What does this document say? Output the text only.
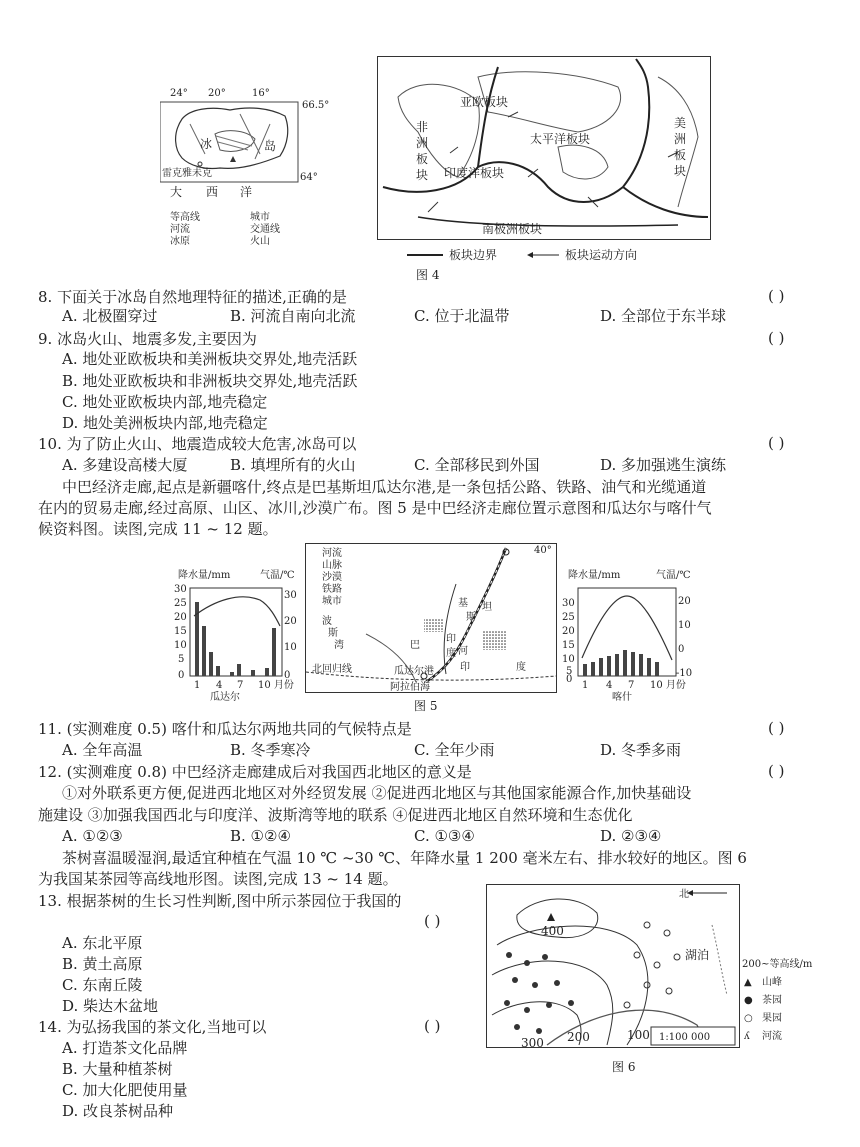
24° 20°	16°
66.5°
64°
冰	岛
雷克雅未克
大 西 洋
等高线	城市
河流	交通线
冰原	火山
亚欧板块
非
洲
板
块
太平洋板块
印度洋板块
美
洲
板
块
南极洲板块
板块边界	板块运动方向
图 4
8. 下面关于冰岛自然地理特征的描述,正确的是	( )
A. 北极圈穿过	B. 河流自南向北流	C. 位于北温带	D. 全部位于东半球
9. 冰岛火山、地震多发,主要因为	( )
A. 地处亚欧板块和美洲板块交界处,地壳活跃
B. 地处亚欧板块和非洲板块交界处,地壳活跃
C. 地处亚欧板块内部,地壳稳定
D. 地处美洲板块内部,地壳稳定
10. 为了防止火山、地震造成较大危害,冰岛可以	( )
A. 多建设高楼大厦	B. 填埋所有的火山	C. 全部移民到外国	D. 多加强逃生演练
中巴经济走廊,起点是新疆喀什,终点是巴基斯坦瓜达尔港,是一条包括公路、铁路、油气和光缆通道
在内的贸易走廊,经过高原、山区、冰川,沙漠广布。图 5 是中巴经济走廊位置示意图和瓜达尔与喀什气
候资料图。读图,完成 11 ~ 12 题。
降水量/mm	气温/℃
30
25
20
15
10
5
0
30
20
10
0
1 4 7 10 月份
瓜达尔
河流
山脉
沙漠
铁路
城市
波
斯
湾	巴
基
斯
坦
印
度 河
印	度
北回归线	瓜达尔港
阿拉伯海
40°
降水量/mm	气温/℃
30
25
20
15
10
5
0
20
10
0
-10
1 4 7 10 月份
喀什
图 5
11. (实测难度 0.5) 喀什和瓜达尔两地共同的气候特点是	( )
A. 全年高温	B. 冬季寒冷	C. 全年少雨	D. 冬季多雨
12. (实测难度 0.8) 中巴经济走廊建成后对我国西北地区的意义是	( )
①对外联系更方便,促进西北地区对外经贸发展 ②促进西北地区与其他国家能源合作,加快基础设
施建设 ③加强我国西北与印度洋、波斯湾等地的联系 ④促进西北地区自然环境和生态优化
A. ①②③	B. ①②④	C. ①③④	D. ②③④
茶树喜温暖湿润,最适宜种植在气温 10 ℃ ~30 ℃、年降水量 1 200 毫米左右、排水较好的地区。图 6
为我国某茶园等高线地形图。读图,完成 13 ~ 14 题。
13. 根据茶树的生长习性判断,图中所示茶园位于我国的
( )
A. 东北平原
B. 黄土高原
C. 东南丘陵
D. 柴达木盆地
14. 为弘扬我国的茶文化,当地可以	( )
A. 打造茶文化品牌
B. 大量种植茶树
C. 加大化肥使用量
D. 改良茶树品种
北
400
300 200	100
湖泊
1:100 000
200~等高线/m
▲ 山峰
● 茶园
○ 果园
ʎ 河流
图 6
